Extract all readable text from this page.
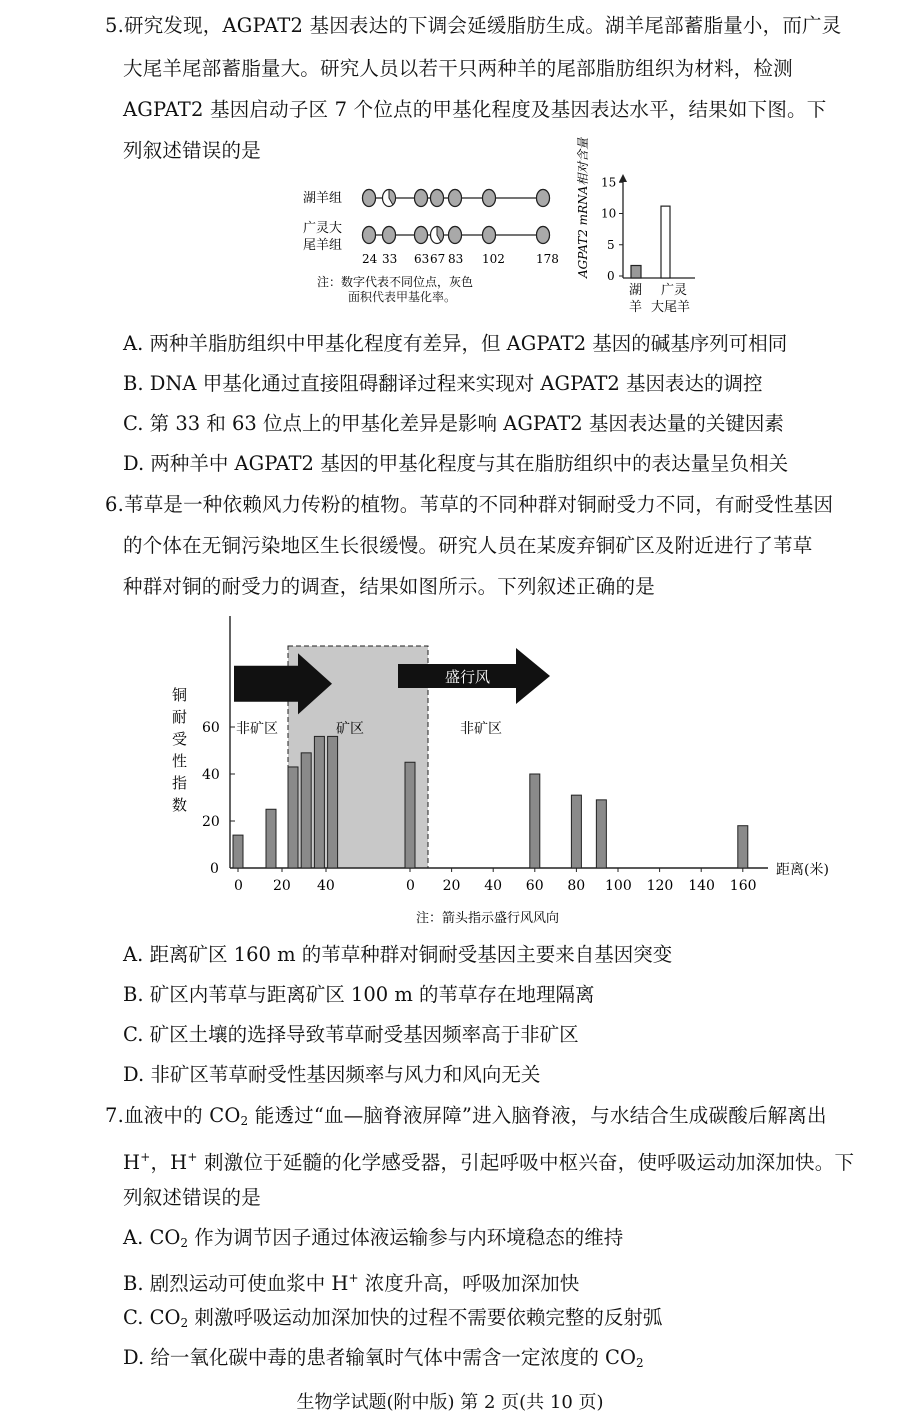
5. 研究发现，AGPAT2 基因表达的下调会延缓脂肪生成。湖羊尾部蓄脂量小，而广灵
大尾羊尾部蓄脂量大。研究人员以若干只两种羊的尾部脂肪组织为材料，检测
AGPAT2 基因启动子区 7 个位点的甲基化程度及基因表达水平，结果如下图。下
列叙述错误的是
湖羊组
广灵大
尾羊组
24 33 63 67 83 102	178
注：数字代表不同位点，灰色
面积代表甲基化率。
AGPAT2 mRNA相对含量 0
5
10
15
湖
羊
广灵
大尾羊
A. 两种羊脂肪组织中甲基化程度有差异，但 AGPAT2 基因的碱基序列可相同
B. DNA 甲基化通过直接阻碍翻译过程来实现对 AGPAT2 基因表达的调控
C. 第 33 和 63 位点上的甲基化差异是影响 AGPAT2 基因表达量的关键因素
D. 两种羊中 AGPAT2 基因的甲基化程度与其在脂肪组织中的表达量呈负相关
6. 苇草是一种依赖风力传粉的植物。苇草的不同种群对铜耐受力不同，有耐受性基因
的个体在无铜污染地区生长很缓慢。研究人员在某废弃铜矿区及附近进行了苇草
种群对铜的耐受力的调查，结果如图所示。下列叙述正确的是
铜
耐
受
性
指
数
0
20
40
60
0 20 40	0 20 40 60 80 100 120 140 160
盛行风
非矿区	矿区	非矿区
距离(米)
注：箭头指示盛行风风向
A. 距离矿区 160 m 的苇草种群对铜耐受基因主要来自基因突变
B. 矿区内苇草与距离矿区 100 m 的苇草存在地理隔离
C. 矿区土壤的选择导致苇草耐受基因频率高于非矿区
D. 非矿区苇草耐受性基因频率与风力和风向无关
7. 血液中的 $CO_2$ 能透过“血—脑脊液屏障”进入脑脊液，与水结合生成碳酸后解离出
H+，H+ 刺激位于延髓的化学感受器，引起呼吸中枢兴奋，使呼吸运动加深加快。下
列叙述错误的是
A. $CO_2$ 作为调节因子通过体液运输参与内环境稳态的维持
B. 剧烈运动可使血浆中 H+ 浓度升高，呼吸加深加快
C. $CO_2$ 刺激呼吸运动加深加快的过程不需要依赖完整的反射弧
D. 给一氧化碳中毒的患者输氧时气体中需含一定浓度的 $CO_2$
生物学试题(附中版) 第 2 页(共 10 页)
